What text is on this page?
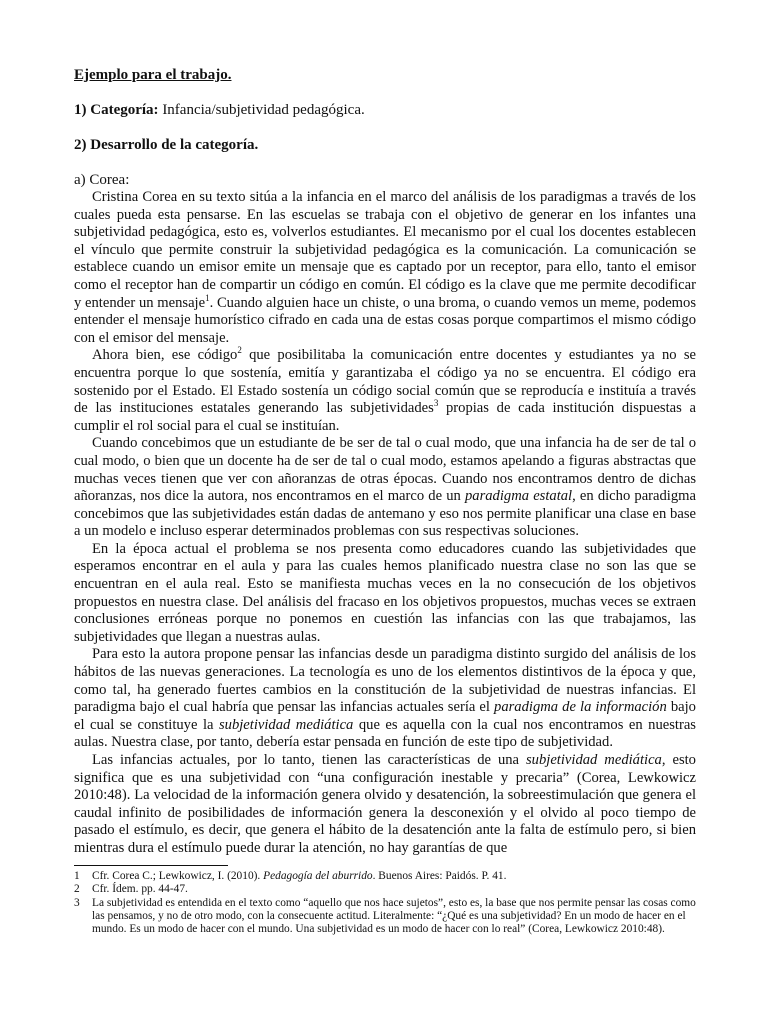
Ejemplo para el trabajo.
1) Categoría: Infancia/subjetividad pedagógica.
2) Desarrollo de la categoría.
a) Corea:

Cristina Corea en su texto sitúa a la infancia en el marco del análisis de los paradigmas a través de los cuales pueda esta pensarse. En las escuelas se trabaja con el objetivo de generar en los infantes una subjetividad pedagógica, esto es, volverlos estudiantes. El mecanismo por el cual los docentes establecen el vínculo que permite construir la subjetividad pedagógica es la comunicación. La comunicación se establece cuando un emisor emite un mensaje que es captado por un receptor, para ello, tanto el emisor como el receptor han de compartir un código en común. El código es la clave que me permite decodificar y entender un mensaje$^1$. Cuando alguien hace un chiste, o una broma, o cuando vemos un meme, podemos entender el mensaje humorístico cifrado en cada una de estas cosas porque compartimos el mismo código con el emisor del mensaje.

Ahora bien, ese código$^2$ que posibilitaba la comunicación entre docentes y estudiantes ya no se encuentra porque lo que sostenía, emitía y garantizaba el código ya no se encuentra. El código era sostenido por el Estado. El Estado sostenía un código social común que se reproducía e instituía a través de las instituciones estatales generando las subjetividades$^3$ propias de cada institución dispuestas a cumplir el rol social para el cual se instituían.

Cuando concebimos que un estudiante de be ser de tal o cual modo, que una infancia ha de ser de tal o cual modo, o bien que un docente ha de ser de tal o cual modo, estamos apelando a figuras abstractas que muchas veces tienen que ver con añoranzas de otras épocas. Cuando nos encontramos dentro de dichas añoranzas, nos dice la autora, nos encontramos en el marco de un paradigma estatal, en dicho paradigma concebimos que las subjetividades están dadas de antemano y eso nos permite planificar una clase en base a un modelo e incluso esperar determinados problemas con sus respectivas soluciones.

En la época actual el problema se nos presenta como educadores cuando las subjetividades que esperamos encontrar en el aula y para las cuales hemos planificado nuestra clase no son las que se encuentran en el aula real. Esto se manifiesta muchas veces en la no consecución de los objetivos propuestos en nuestra clase. Del análisis del fracaso en los objetivos propuestos, muchas veces se extraen conclusiones erróneas porque no ponemos en cuestión las infancias con las que trabajamos, las subjetividades que llegan a nuestras aulas.

Para esto la autora propone pensar las infancias desde un paradigma distinto surgido del análisis de los hábitos de las nuevas generaciones. La tecnología es uno de los elementos distintivos de la época y que, como tal, ha generado fuertes cambios en la constitución de la subjetividad de nuestras infancias. El paradigma bajo el cual habría que pensar las infancias actuales sería el paradigma de la información bajo el cual se constituye la subjetividad mediática que es aquella con la cual nos encontramos en nuestras aulas. Nuestra clase, por tanto, debería estar pensada en función de este tipo de subjetividad.

Las infancias actuales, por lo tanto, tienen las características de una subjetividad mediática, esto significa que es una subjetividad con “una configuración inestable y precaria” (Corea, Lewkowicz 2010:48). La velocidad de la información genera olvido y desatención, la sobreestimulación que genera el caudal infinito de posibilidades de información genera la desconexión y el olvido al poco tiempo de pasado el estímulo, es decir, que genera el hábito de la desatención ante la falta de estímulo pero, si bien mientras dura el estímulo puede durar la atención, no hay garantías de que

1	Cfr. Corea C.; Lewkowicz, I. (2010). Pedagogía del aburrido. Buenos Aires: Paidós. P. 41.
2	Cfr. Ídem. pp. 44-47.
3	La subjetividad es entendida en el texto como “aquello que nos hace sujetos”, esto es, la base que nos permite pensar las cosas como las pensamos, y no de otro modo, con la consecuente actitud. Literalmente: “¿Qué es una subjetividad? En un modo de hacer en el mundo. Es un modo de hacer con el mundo. Una subjetividad es un modo de hacer con lo real” (Corea, Lewkowicz 2010:48).
